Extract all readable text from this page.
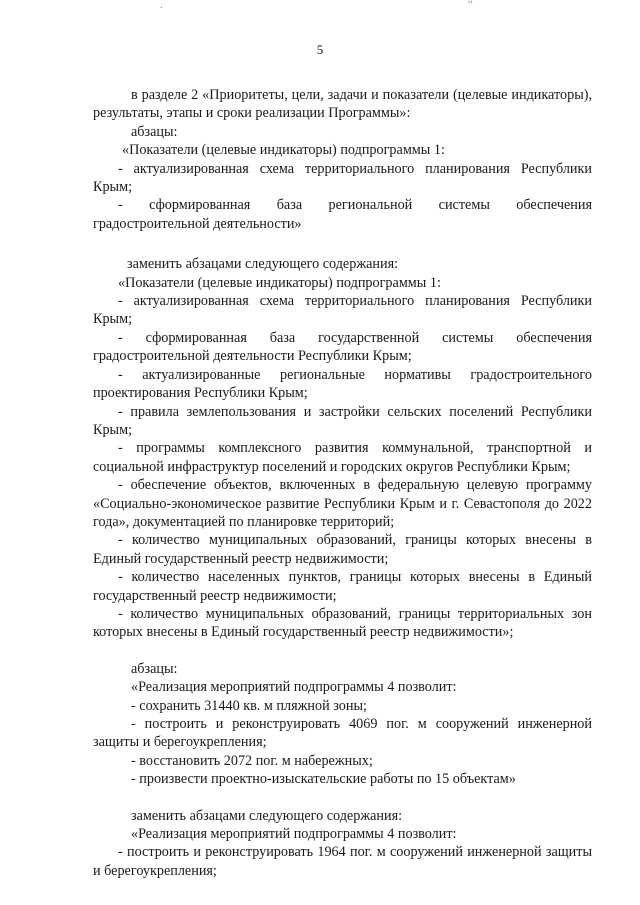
.	′′
5

в разделе 2 «Приоритеты, цели, задачи и показатели (целевые индикаторы), результаты, этапы и сроки реализации Программы»:

абзацы:

«Показатели (целевые индикаторы) подпрограммы 1:

- актуализированная схема территориального планирования Республики Крым;

- сформированная база региональной системы обеспечения градостроительной деятельности»

заменить абзацами следующего содержания:

«Показатели (целевые индикаторы) подпрограммы 1:

- актуализированная схема территориального планирования Республики Крым;

- сформированная база государственной системы обеспечения градостроительной деятельности Республики Крым;

- актуализированные региональные нормативы градостроительного проектирования Республики Крым;

- правила землепользования и застройки сельских поселений Республики Крым;

- программы комплексного развития коммунальной, транспортной и социальной инфраструктур поселений и городских округов Республики Крым;

- обеспечение объектов, включенных в федеральную целевую программу «Социально-экономическое развитие Республики Крым и г. Севастополя до 2022 года», документацией по планировке территорий;

- количество муниципальных образований, границы которых внесены в Единый государственный реестр недвижимости;

- количество населенных пунктов, границы которых внесены в Единый государственный реестр недвижимости;

- количество муниципальных образований, границы территориальных зон которых внесены в Единый государственный реестр недвижимости»;

абзацы:

«Реализация мероприятий подпрограммы 4 позволит:

- сохранить 31440 кв. м пляжной зоны;

- построить и реконструировать 4069 пог. м сооружений инженерной защиты и берегоукрепления;

- восстановить 2072 пог. м набережных;

- произвести проектно-изыскательские работы по 15 объектам»

заменить абзацами следующего содержания:

«Реализация мероприятий подпрограммы 4 позволит:

- построить и реконструировать 1964 пог. м сооружений инженерной защиты и берегоукрепления;
